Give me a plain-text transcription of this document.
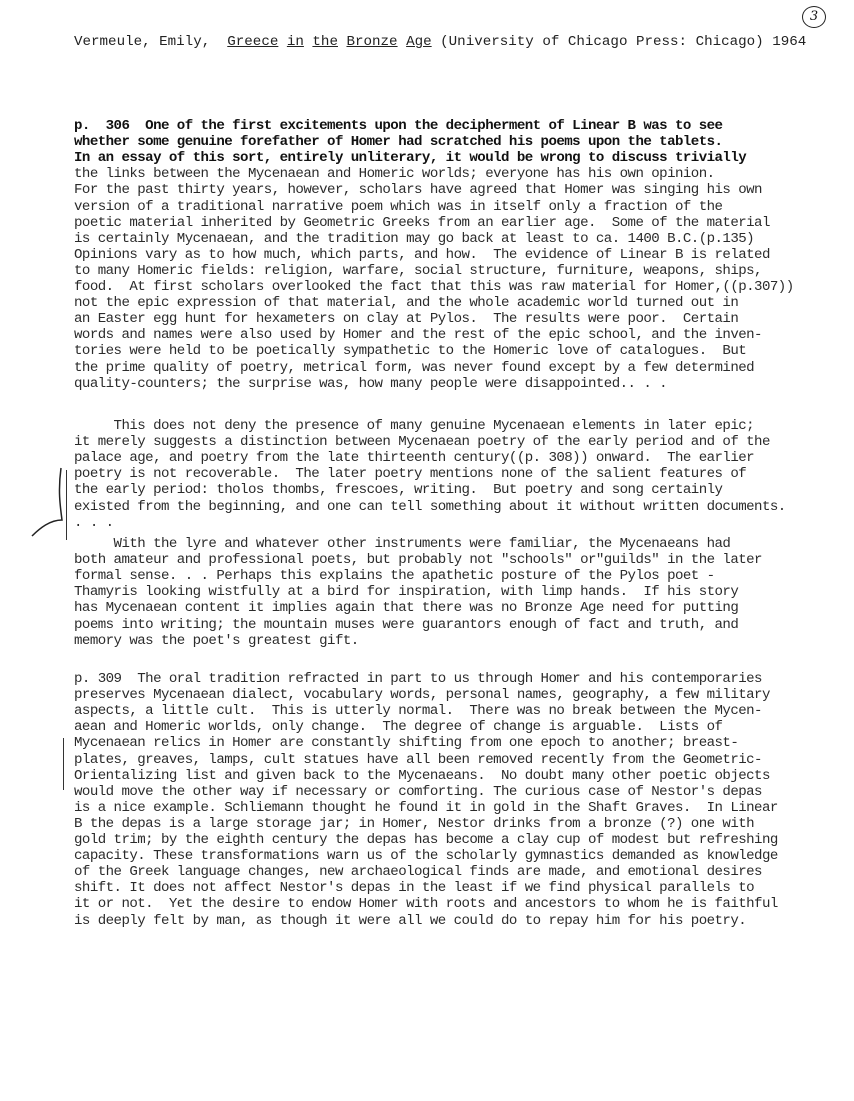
3
Vermeule, Emily, Greece in the Bronze Age (University of Chicago Press: Chicago) 1964
p.  306  One of the first excitements upon the decipherment of Linear B was to see
whether some genuine forefather of Homer had scratched his poems upon the tablets.
In an essay of this sort, entirely unliterary, it would be wrong to discuss trivially
the links between the Mycenaean and Homeric worlds; everyone has his own opinion.
For the past thirty years, however, scholars have agreed that Homer was singing his own
version of a traditional narrative poem which was in itself only a fraction of the
poetic material inherited by Geometric Greeks from an earlier age.  Some of the material
is certainly Mycenaean, and the tradition may go back at least to ca. 1400 B.C.(p.135)
Opinions vary as to how much, which parts, and how.  The evidence of Linear B is related
to many Homeric fields: religion, warfare, social structure, furniture, weapons, ships,
food.  At first scholars overlooked the fact that this was raw material for Homer,((p.307))
not the epic expression of that material, and the whole academic world turned out in
an Easter egg hunt for hexameters on clay at Pylos.  The results were poor.  Certain
words and names were also used by Homer and the rest of the epic school, and the inven-
tories were held to be poetically sympathetic to the Homeric love of catalogues.  But
the prime quality of poetry, metrical form, was never found except by a few determined
quality-counters; the surprise was, how many people were disappointed.. . .
This does not deny the presence of many genuine Mycenaean elements in later epic;
it merely suggests a distinction between Mycenaean poetry of the early period and of the
palace age, and poetry from the late thirteenth century((p. 308)) onward.  The earlier
poetry is not recoverable.  The later poetry mentions none of the salient features of
the early period: tholos thombs, frescoes, writing.  But poetry and song certainly
existed from the beginning, and one can tell something about it without written documents.
. . .
With the lyre and whatever other instruments were familiar, the Mycenaeans had
both amateur and professional poets, but probably not "schools" or"guilds" in the later
formal sense. . . Perhaps this explains the apathetic posture of the Pylos poet -
Thamyris looking wistfully at a bird for inspiration, with limp hands.  If his story
has Mycenaean content it implies again that there was no Bronze Age need for putting
poems into writing; the mountain muses were guarantors enough of fact and truth, and
memory was the poet's greatest gift.
p. 309  The oral tradition refracted in part to us through Homer and his contemporaries
preserves Mycenaean dialect, vocabulary words, personal names, geography, a few military
aspects, a little cult.  This is utterly normal.  There was no break between the Mycen-
aean and Homeric worlds, only change.  The degree of change is arguable.  Lists of
Mycenaean relics in Homer are constantly shifting from one epoch to another; breast-
plates, greaves, lamps, cult statues have all been removed recently from the Geometric-
Orientalizing list and given back to the Mycenaeans.  No doubt many other poetic objects
would move the other way if necessary or comforting. The curious case of Nestor's depas
is a nice example. Schliemann thought he found it in gold in the Shaft Graves.  In Linear
B the depas is a large storage jar; in Homer, Nestor drinks from a bronze (?) one with
gold trim; by the eighth century the depas has become a clay cup of modest but refreshing
capacity. These transformations warn us of the scholarly gymnastics demanded as knowledge
of the Greek language changes, new archaeological finds are made, and emotional desires
shift. It does not affect Nestor's depas in the least if we find physical parallels to
it or not.  Yet the desire to endow Homer with roots and ancestors to whom he is faithful
is deeply felt by man, as though it were all we could do to repay him for his poetry.
